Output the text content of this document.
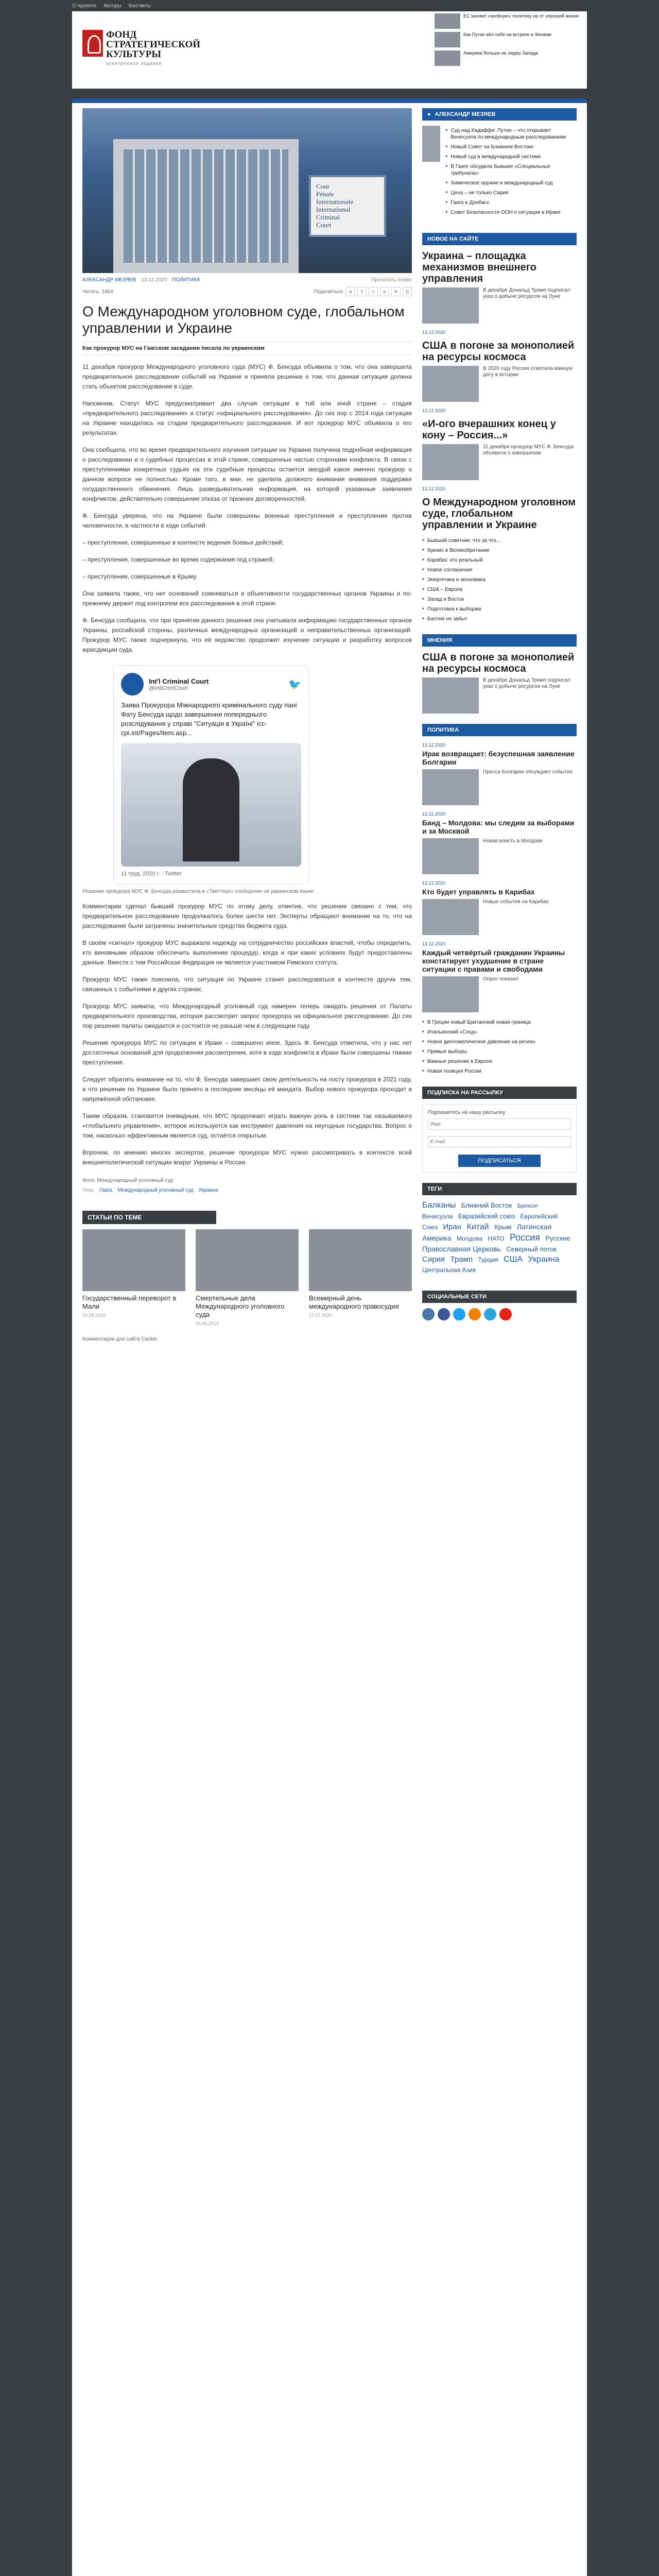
О проекте Авторы Контакты
ФОНД СТРАТЕГИЧЕСКОЙ КУЛЬТУРЫ
электронное издание
ЕС меняет «зелёную» политику не от хорошей жизни
Как Путин вёл себя на встрече в Женеве
Америка больше не лидер Запада
Cour
Pénale
Internationale
International
Criminal
Court
АЛЕКСАНДР МЕЗЯЕВ 13.12.2020 ПОЛИТИКА	Прочитать позже
Читать: 1864	Поделиться:	в	f	t	о	✈	⎙
О Международном уголовном суде, глобальном управлении и Украине
Как прокурор МУС на Гаагском заседании писала по украинским

11 декабря прокурор Международного уголовного суда (МУС) Ф. Бенсуда объявила о том, что она завершила предварительное расследование событий на Украине и приняла решение о том, что данная ситуация должна стать объектом расследования в суде.

Напомним, Статут МУС предусматривает два случая ситуации в той или иной стране – стадия «предварительного расследования» и статус «официального расследования». До сих пор с 2014 года ситуация на Украине находилась на стадии предварительного расследования. И вот прокурор МУС объявила о его результатах.

Она сообщила, что во время предварительного изучения ситуации на Украине получена подробная информация о расследовании и о судебных процессах в этой стране, совершенных частью сторонами конфликта. В связи с преступлениями конкретных судьях на эти судебные процессы остается звездой какое именно прокурор о данном вопросе не полностью. Кроме того, в мае, не уделила должного внимания внимания поддержке государственного обвинения. Лишь разведывательная информация, на которой указанные заявления конфликтов, действительно совершение отказа от прежних договоренностей.

Ф. Бенсуда уверена, что на Украине были совершены военные преступления и преступления против человечности, в частности в ходе событий:

– преступления, совершенные в контексте ведения боевых действий;

– преступления, совершенные во время содержания под стражей;

– преступления, совершенные в Крыму.

Она заявила также, что нет оснований сомневаться в объективности государственных органов Украины и по-прежнему держит под контролем все расследования в этой стране.

Ф. Бенсуда сообщила, что при принятии данного решения она учитывала информацию государственных органов Украины, российской стороны, различных международных организаций и неправительственных организаций. Прокурор МУС также подчеркнула, что её ведомство продолжит изучение ситуации и разработку вопросов юрисдикции суда.

Int'l Criminal Court
@IntlCrimCourt	🐦
Заява Прокурора Міжнародного кримінального суду пані Фату Бенсуда щодо завершення попереднього розслідування у справі "Ситуація в Україні" icc-cpi.int/Pages/item.asp...
11 груд. 2020 г. · Twitter
Решение прокурора МУС Ф. Бенсуда разместила в «Твиттере» сообщение на украинском языке

Комментарии сделал бывший прокурор МУС по этому делу, отметив, что решение связано с тем, что предварительное расследование продолжалось более шести лет. Эксперты обращают внимание на то, что на расследование были затрачены значительные средства бюджета суда.

В своём «сигнал» прокурор МУС выражала надежду на сотрудничество российских властей, чтобы определить, кто виновными образом обеспечить выполнение процедур, когда и при каких условиях будут предоставлены данные. Вместе с тем Российская Федерация не является участником Римского статута.

Прокурор МУС также пояснила, что ситуация по Украине станет расследоваться в контексте других тем, связанных с событиями в других странах.

Прокурор МУС заявила, что Международный уголовный суд намерен теперь ожидать решения от Палаты предварительного производства, которая рассмотрит запрос прокурора на официальное расследование. До сих пор решение палаты ожидается и состоится не раньше чем в следующем году.

Решение прокурора МУС по ситуации в Ираке – совершено иное. Здесь Ф. Бенсуда отметила, что у нас нет достаточных оснований для продолжения рассмотрения, хотя в ходе конфликта в Ираке были совершены тяжкие преступления.

Следует обратить внимание на то, что Ф. Бенсуда завершает свою деятельность на посту прокурора в 2021 году, и что решение по Украине было принято в последние месяцы её мандата. Выбор нового прокурора проходит в напряжённой обстановке.

Таким образом, становится очевидным, что МУС продолжает играть важную роль в системе так называемого «глобального управления», которое используется как инструмент давления на неугодные государства. Вопрос о том, насколько эффективным является суд, остаётся открытым.

Впрочем, по мнению многих экспертов, решение прокурора МУС нужно рассматривать в контексте всей внешнеполитической ситуации вокруг Украины и России.

Фото: Международный уголовный суд

Теги: Гаага Международный уголовный суд Украина
СТАТЬИ ПО ТЕМЕ
Государственный переворот в Мали
24.08.2020
Смертельные дела Международного уголовного суда
25.09.2019
Всемирный день международного правосудия
17.07.2020
Комментарии для сайта Cackle
● АЛЕКСАНДР МЕЗЯЕВ
■ Суд над Кадаффи: Путин – что открывает Венесуэла по международным расследованиям
■ Новый Совет на Ближнем Востоке
■ Новый суд в международной системе
■ В Гааге обсудили бывшие «Специальные трибунала»
■ Химическое оружие и международный суд
■ Цена – не только Сирия
■ Гаага и Донбасс
■ Совет Безопасности ООН о ситуации в Ираке
НОВОЕ НА САЙТЕ
Украина – площадка механизмов внешнего управления
В декабре Дональд Трамп подписал указ о добыче ресурсов на Луне
13.12.2020
США в погоне за монополией на ресурсы космоса
В 2020 году Россия отметила важную дату в истории
13.12.2020
«И-ого вчерашних конец у кону – Россия...»
11 декабря прокурор МУС Ф. Бенсуда объявила о завершении
13.12.2020
О Международном уголовном суде, глобальном управлении и Украине
■ Бывший советник: что за что...
■ Кризис в Великобритании
■ Карабах: кто реальный
■ Новое соглашение
■ Энергетика и экономика
■ США – Европа
■ Запад и Восток
■ Подготовка к выборам
■ Балтия не забыт
МНЕНИЯ
США в погоне за монополией на ресурсы космоса
В декабре Дональд Трамп подписал указ о добыче ресурсов на Луне
ПОЛИТИКА
13.12.2020
Ирак возвращает: безуспешная заявление Болгарии
Пресса Болгарии обсуждает события
13.12.2020
Банд – Молдова: мы следим за выборами и за Москвой
Новая власть в Молдове
13.12.2020
Кто будет управлять в Карибах
Новые события на Карибах
13.12.2020
Каждый четвёртый гражданин Украины констатирует ухудшение в стране ситуации с правами и свободами
Опрос показал
■ В Греции новый Британский новая граница
■ Итальянский «Сход»
■ Новое дипломатическое давление на регион
■ Прямые выборы
■ Важные решения в Европе
■ Новая позиция России
ПОДПИСКА НА РАССЫЛКУ
Подпишитесь на нашу рассылку
Имя E-mail
ПОДПИСАТЬСЯ
ТЕГИ
Балканы Ближний Восток Брексит Венесуэла Евразийский союз Европейский Союз Иран Китай Крым Латинская Америка Молдова НАТО Россия Русские Православная Церковь Северный поток Сирия Трамп Турция США Украина Центральная Азия
СОЦИАЛЬНЫЕ СЕТИ
